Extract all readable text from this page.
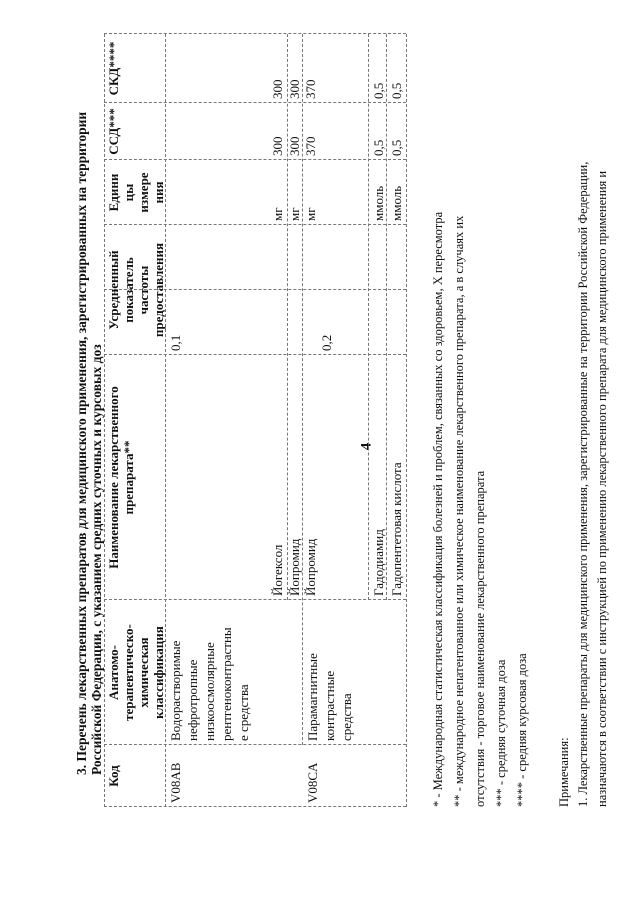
4
3. Перечень лекарственных препаратов для медицинского применения, зарегистрированных на территории Российской Федерации, с указанием средних суточных и курсовых доз
Код
Анатомо- терапевтическо- химическая классификация
Наименование лекарственного препарата**
Усредненный показатель частоты предоставления
Едини цы измере ния
ССД***
СКД****
V08AB
Водорастворимые нефротропные низкоосмолярные рентгеноконтрастны е средства
0,1
Йогексол
мг
300
300
Йопромид
мг
300
300
Йопромид
мг
370
370
V08CA
Парамагнитные контрастные средства
0,2
Гадодиамид
ммоль
0,5
0,5
Гадопентетовая кислота
ммоль
0,5
0,5
* - Международная статистическая классификация болезней и проблем, связанных со здоровьем, X пересмотра ** - международное непатентованное или химическое наименование лекарственного препарата, а в случаях их отсутствия - торговое наименование лекарственного препарата *** - средняя суточная доза **** - средняя курсовая доза	Примечания: 1. Лекарственные препараты для медицинского применения, зарегистрированные на территории Российской Федерации, назначаются в соответствии с инструкцией по применению лекарственного препарата для медицинского применения и
